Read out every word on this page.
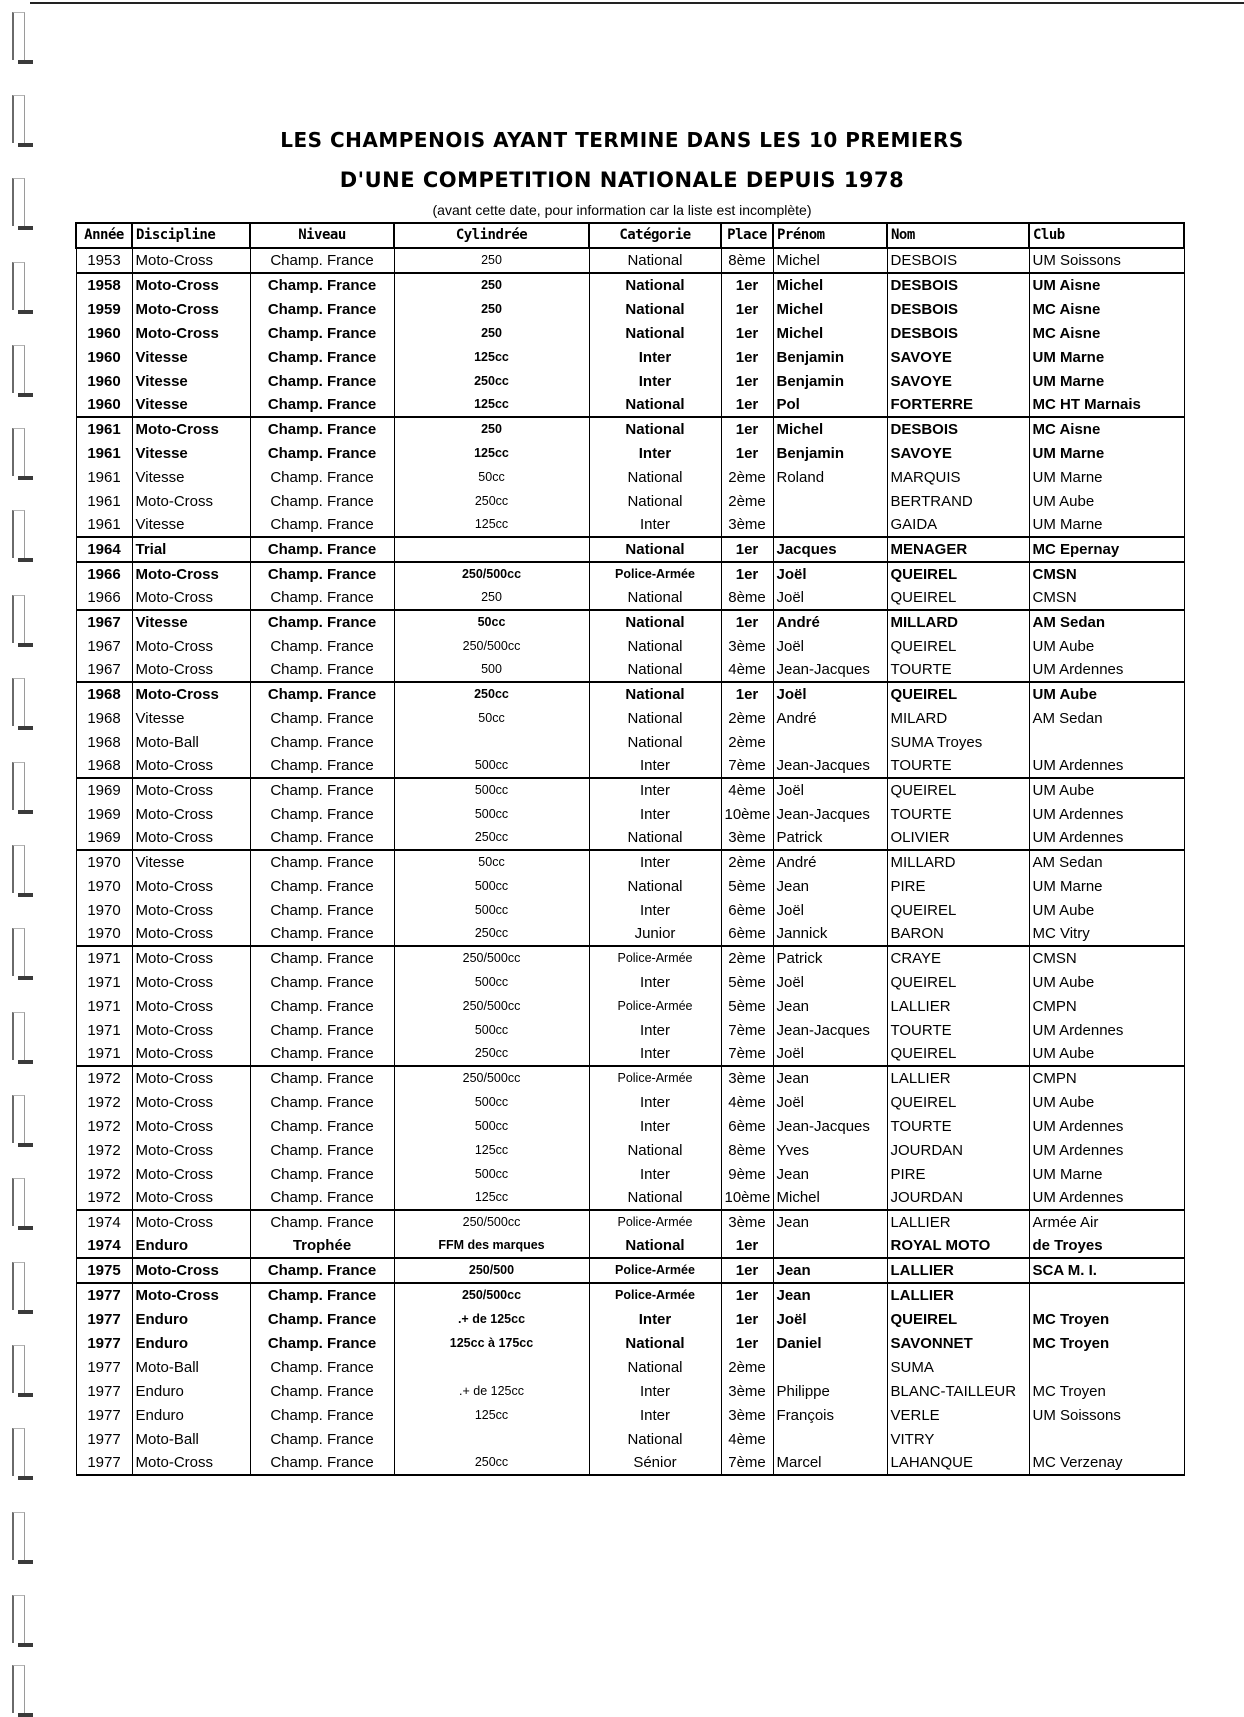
LES CHAMPENOIS AYANT TERMINE DANS LES 10 PREMIERS
D'UNE COMPETITION NATIONALE DEPUIS 1978
(avant cette date, pour information car la liste est incomplète)
Année	Discipline	Niveau	Cylindrée	Catégorie	Place	Prénom	Nom	Club
1953	Moto-Cross	Champ. France	250	National	8ème	Michel	DESBOIS	UM Soissons
1958	Moto-Cross	Champ. France	250	National	1er	Michel	DESBOIS	UM Aisne
1959	Moto-Cross	Champ. France	250	National	1er	Michel	DESBOIS	MC Aisne
1960	Moto-Cross	Champ. France	250	National	1er	Michel	DESBOIS	MC Aisne
1960	Vitesse	Champ. France	125cc	Inter	1er	Benjamin	SAVOYE	UM Marne
1960	Vitesse	Champ. France	250cc	Inter	1er	Benjamin	SAVOYE	UM Marne
1960	Vitesse	Champ. France	125cc	National	1er	Pol	FORTERRE	MC HT Marnais
1961	Moto-Cross	Champ. France	250	National	1er	Michel	DESBOIS	MC Aisne
1961	Vitesse	Champ. France	125cc	Inter	1er	Benjamin	SAVOYE	UM Marne
1961	Vitesse	Champ. France	50cc	National	2ème	Roland	MARQUIS	UM Marne
1961	Moto-Cross	Champ. France	250cc	National	2ème		BERTRAND	UM Aube
1961	Vitesse	Champ. France	125cc	Inter	3ème		GAIDA	UM Marne
1964	Trial	Champ. France		National	1er	Jacques	MENAGER	MC Epernay
1966	Moto-Cross	Champ. France	250/500cc	Police-Armée	1er	Joël	QUEIREL	CMSN
1966	Moto-Cross	Champ. France	250	National	8ème	Joël	QUEIREL	CMSN
1967	Vitesse	Champ. France	50cc	National	1er	André	MILLARD	AM Sedan
1967	Moto-Cross	Champ. France	250/500cc	National	3ème	Joël	QUEIREL	UM Aube
1967	Moto-Cross	Champ. France	500	National	4ème	Jean-Jacques	TOURTE	UM Ardennes
1968	Moto-Cross	Champ. France	250cc	National	1er	Joël	QUEIREL	UM Aube
1968	Vitesse	Champ. France	50cc	National	2ème	André	MILARD	AM Sedan
1968	Moto-Ball	Champ. France		National	2ème		SUMA Troyes	
1968	Moto-Cross	Champ. France	500cc	Inter	7ème	Jean-Jacques	TOURTE	UM Ardennes
1969	Moto-Cross	Champ. France	500cc	Inter	4ème	Joël	QUEIREL	UM Aube
1969	Moto-Cross	Champ. France	500cc	Inter	10ème	Jean-Jacques	TOURTE	UM Ardennes
1969	Moto-Cross	Champ. France	250cc	National	3ème	Patrick	OLIVIER	UM Ardennes
1970	Vitesse	Champ. France	50cc	Inter	2ème	André	MILLARD	AM Sedan
1970	Moto-Cross	Champ. France	500cc	National	5ème	Jean	PIRE	UM Marne
1970	Moto-Cross	Champ. France	500cc	Inter	6ème	Joël	QUEIREL	UM Aube
1970	Moto-Cross	Champ. France	250cc	Junior	6ème	Jannick	BARON	MC Vitry
1971	Moto-Cross	Champ. France	250/500cc	Police-Armée	2ème	Patrick	CRAYE	CMSN
1971	Moto-Cross	Champ. France	500cc	Inter	5ème	Joël	QUEIREL	UM Aube
1971	Moto-Cross	Champ. France	250/500cc	Police-Armée	5ème	Jean	LALLIER	CMPN
1971	Moto-Cross	Champ. France	500cc	Inter	7ème	Jean-Jacques	TOURTE	UM Ardennes
1971	Moto-Cross	Champ. France	250cc	Inter	7ème	Joël	QUEIREL	UM Aube
1972	Moto-Cross	Champ. France	250/500cc	Police-Armée	3ème	Jean	LALLIER	CMPN
1972	Moto-Cross	Champ. France	500cc	Inter	4ème	Joël	QUEIREL	UM Aube
1972	Moto-Cross	Champ. France	500cc	Inter	6ème	Jean-Jacques	TOURTE	UM Ardennes
1972	Moto-Cross	Champ. France	125cc	National	8ème	Yves	JOURDAN	UM Ardennes
1972	Moto-Cross	Champ. France	500cc	Inter	9ème	Jean	PIRE	UM Marne
1972	Moto-Cross	Champ. France	125cc	National	10ème	Michel	JOURDAN	UM Ardennes
1974	Moto-Cross	Champ. France	250/500cc	Police-Armée	3ème	Jean	LALLIER	Armée Air
1974	Enduro	Trophée	FFM des marques	National	1er		ROYAL MOTO	de Troyes
1975	Moto-Cross	Champ. France	250/500	Police-Armée	1er	Jean	LALLIER	SCA M. I.
1977	Moto-Cross	Champ. France	250/500cc	Police-Armée	1er	Jean	LALLIER	
1977	Enduro	Champ. France	.+ de 125cc	Inter	1er	Joël	QUEIREL	MC Troyen
1977	Enduro	Champ. France	125cc à 175cc	National	1er	Daniel	SAVONNET	MC Troyen
1977	Moto-Ball	Champ. France		National	2ème		SUMA	
1977	Enduro	Champ. France	.+ de 125cc	Inter	3ème	Philippe	BLANC-TAILLEUR	MC Troyen
1977	Enduro	Champ. France	125cc	Inter	3ème	François	VERLE	UM Soissons
1977	Moto-Ball	Champ. France		National	4ème		VITRY	
1977	Moto-Cross	Champ. France	250cc	Sénior	7ème	Marcel	LAHANQUE	MC Verzenay
